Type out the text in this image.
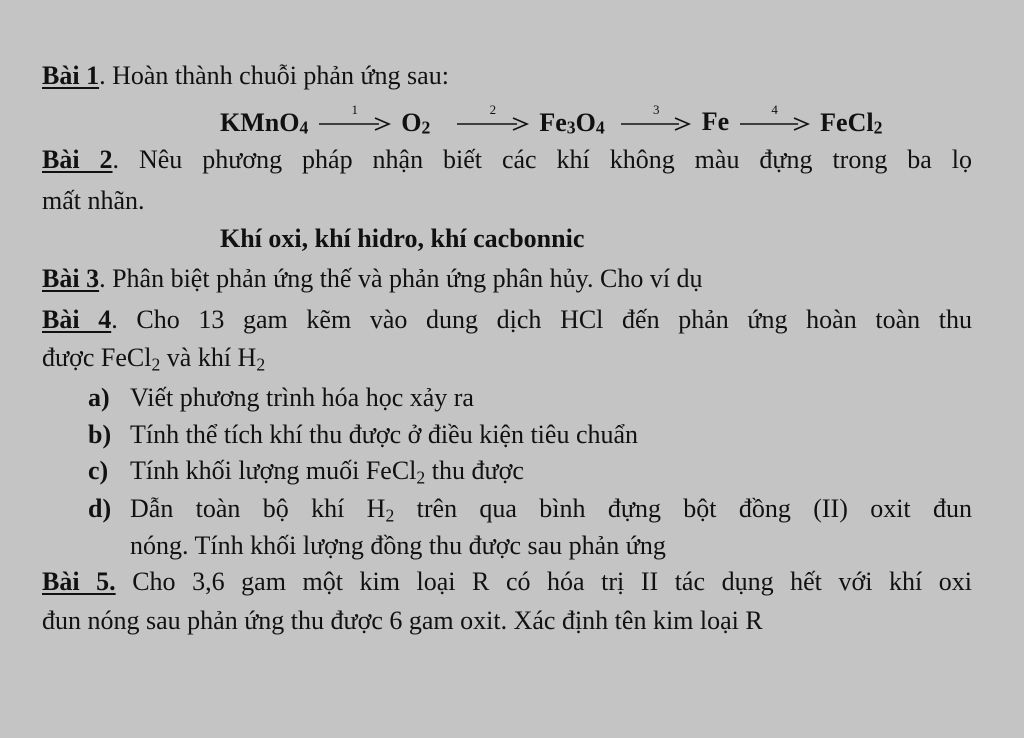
Bài 1. Hoàn thành chuỗi phản ứng sau:
KMnO$_4$
1	$O_2$
2	$Fe_3O_4$
3	Fe	4	FeCl$_2$
Bài 2. Nêu phương pháp nhận biết các khí không màu đựng trong ba lọ
mất nhãn.
Khí oxi, khí hidro, khí cacbonnic
Bài 3. Phân biệt phản ứng thế và phản ứng phân hủy. Cho ví dụ
Bài 4. Cho 13 gam kẽm vào dung dịch HCl đến phản ứng hoàn toàn thu
được FeCl$_2$ và khí $H_2$
a) Viết phương trình hóa học xảy ra
b) Tính thể tích khí thu được ở điều kiện tiêu chuẩn
c) Tính khối lượng muối FeCl$_2$ thu được
d) Dẫn toàn bộ khí $H_2$ trên qua bình đựng bột đồng (II) oxit đun
nóng. Tính khối lượng đồng thu được sau phản ứng
Bài 5. Cho 3,6 gam một kim loại R có hóa trị II tác dụng hết với khí oxi
đun nóng sau phản ứng thu được 6 gam oxit. Xác định tên kim loại R
